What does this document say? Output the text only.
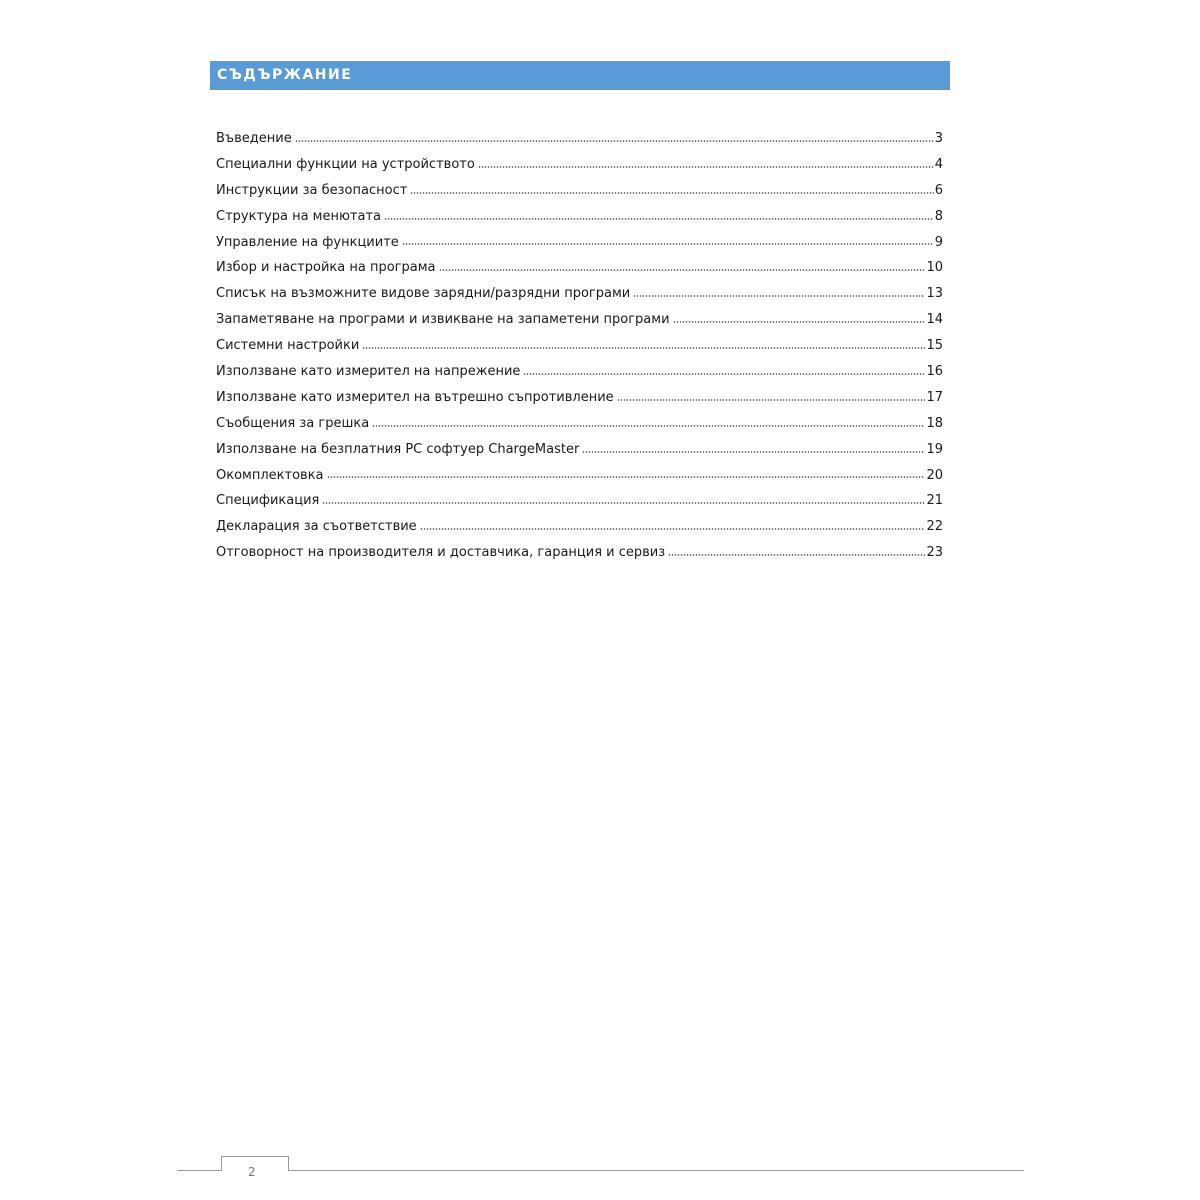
СЪДЪРЖАНИЕ
Въведение	3
Специални функции на устройството	4
Инструкции за безопасност	6
Структура на менютата	8
Управление на функциите	9
Избор и настройка на програма	10
Списък на възможните видове зарядни/разрядни програми	13
Запаметяване на програми и извикване на запаметени програми	14
Системни настройки	15
Използване като измерител на напрежение	16
Използване като измерител на вътрешно съпротивление	17
Съобщения за грешка	18
Използване на безплатния PC софтуер ChargeMaster	19
Окомплектовка	20
Спецификация	21
Декларация за съответствие	22
Отговорност на производителя и доставчика, гаранция и сервиз	23
2
